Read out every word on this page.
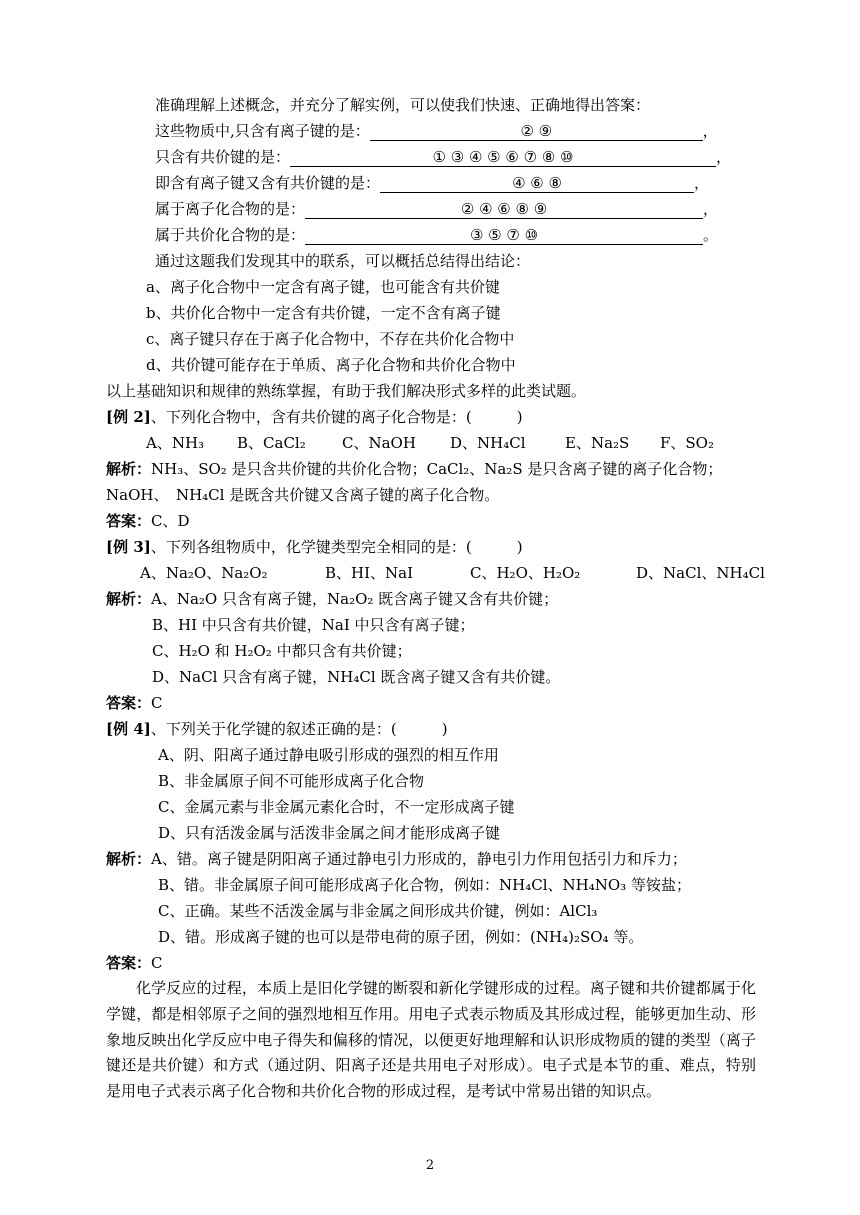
准确理解上述概念，并充分了解实例，可以使我们快速、正确地得出答案：
这些物质中,只含有离子键的是：	② ⑨	，
只含有共价键的是：	① ③ ④ ⑤ ⑥ ⑦ ⑧ ⑩	，
即含有离子键又含有共价键的是：	④ ⑥ ⑧	，
属于离子化合物的是：	② ④ ⑥ ⑧ ⑨	，
属于共价化合物的是：	③ ⑤ ⑦ ⑩	。
通过这题我们发现其中的联系，可以概括总结得出结论：
a、离子化合物中一定含有离子键，也可能含有共价键
b、共价化合物中一定含有共价键，一定不含有离子键
c、离子键只存在于离子化合物中，不存在共价化合物中
d、共价键可能存在于单质、离子化合物和共价化合物中
以上基础知识和规律的熟练掌握，有助于我们解决形式多样的此类试题。
[例 2]、下列化合物中，含有共价键的离子化合物是：(　　　)
A、NH₃ B、CaCl₂ C、NaOH D、NH₄Cl	E、Na₂S F、SO₂
解析：NH₃、SO₂ 是只含共价键的共价化合物；CaCl₂、Na₂S 是只含离子键的离子化合物；
NaOH、　NH₄Cl 是既含共价键又含离子键的离子化合物。
答案：C、D
[例 3]、下列各组物质中，化学键类型完全相同的是：(　　　)
A、Na₂O、Na₂O₂	B、HI、NaI	C、H₂O、H₂O₂	D、NaCl、NH₄Cl
解析：A、Na₂O 只含有离子键，Na₂O₂ 既含离子键又含有共价键；
B、HI 中只含有共价键，NaI 中只含有离子键；
C、H₂O 和 H₂O₂ 中都只含有共价键；
D、NaCl 只含有离子键，NH₄Cl 既含离子键又含有共价键。
答案：C
[例 4]、下列关于化学键的叙述正确的是：(　　　)
A、阴、阳离子通过静电吸引形成的强烈的相互作用
B、非金属原子间不可能形成离子化合物
C、金属元素与非金属元素化合时，不一定形成离子键
D、只有活泼金属与活泼非金属之间才能形成离子键
解析：A、错。离子键是阴阳离子通过静电引力形成的，静电引力作用包括引力和斥力；
B、错。非金属原子间可能形成离子化合物，例如：NH₄Cl、NH₄NO₃ 等铵盐；
C、正确。某些不活泼金属与非金属之间形成共价键，例如：AlCl₃
D、错。形成离子键的也可以是带电荷的原子团，例如：(NH₄)₂SO₄ 等。
答案：C
化学反应的过程，本质上是旧化学键的断裂和新化学键形成的过程。离子键和共价键都属于化学键，都是相邻原子之间的强烈地相互作用。用电子式表示物质及其形成过程，能够更加生动、形象地反映出化学反应中电子得失和偏移的情况，以便更好地理解和认识形成物质的键的类型（离子键还是共价键）和方式（通过阴、阳离子还是共用电子对形成）。电子式是本节的重、难点，特别是用电子式表示离子化合物和共价化合物的形成过程，是考试中常易出错的知识点。
2
